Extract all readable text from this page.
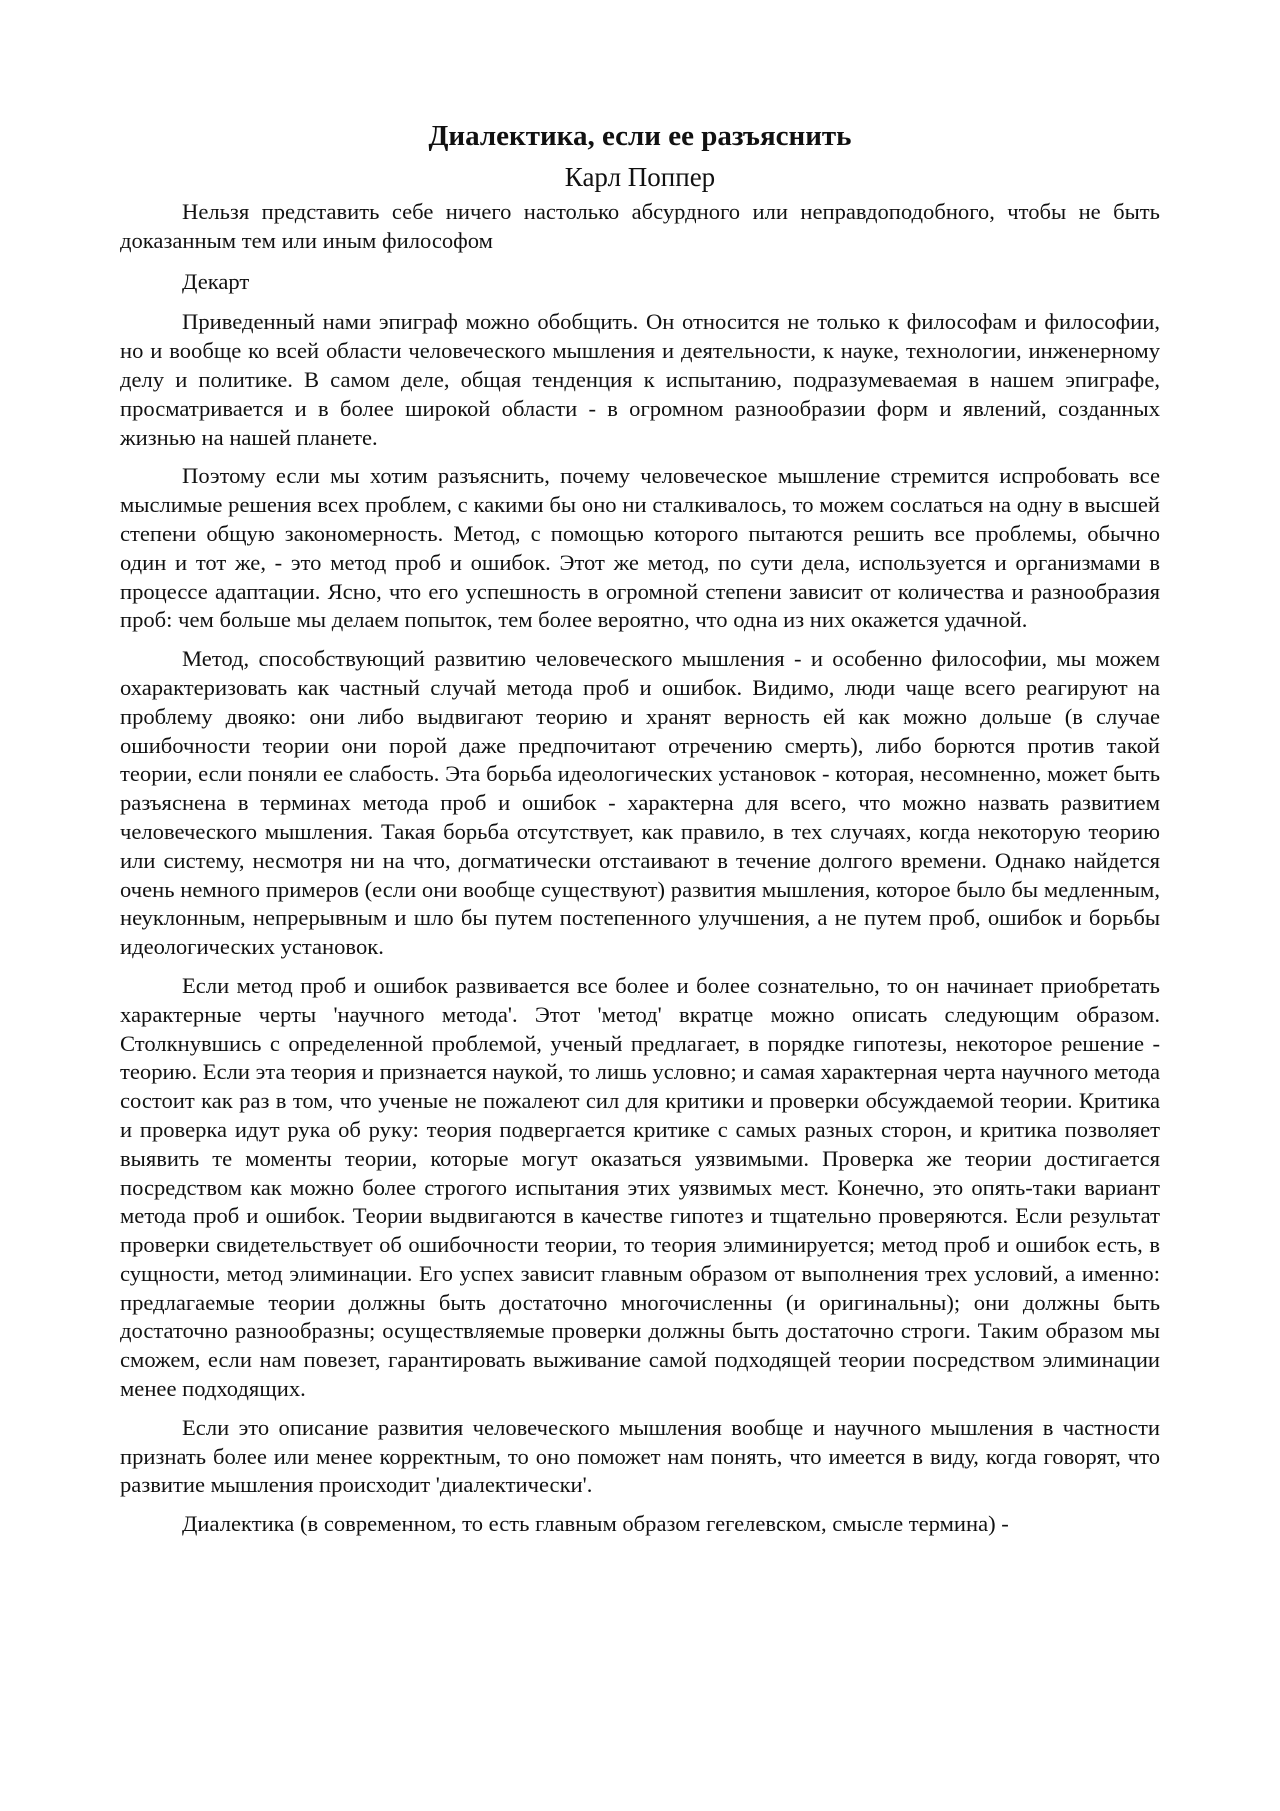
Диалектика, если ее разъяснить
Карл Поппер

Нельзя представить себе ничего настолько абсурдного или неправдоподобного, чтобы не быть доказанным тем или иным философом

Декарт

Приведенный нами эпиграф можно обобщить. Он относится не только к философам и философии, но и вообще ко всей области человеческого мышления и деятельности, к науке, технологии, инженерному делу и политике. В самом деле, общая тенденция к испытанию, подразумеваемая в нашем эпиграфе, просматривается и в более широкой области - в огромном разнообразии форм и явлений, созданных жизнью на нашей планете.

Поэтому если мы хотим разъяснить, почему человеческое мышление стремится испробовать все мыслимые решения всех проблем, с какими бы оно ни сталкивалось, то можем сослаться на одну в высшей степени общую закономерность. Метод, с помощью которого пытаются решить все проблемы, обычно один и тот же, - это метод проб и ошибок. Этот же метод, по сути дела, используется и организмами в процессе адаптации. Ясно, что его успешность в огромной степени зависит от количества и разнообразия проб: чем больше мы делаем попыток, тем более вероятно, что одна из них окажется удачной.

Метод, способствующий развитию человеческого мышления - и особенно философии, мы можем охарактеризовать как частный случай метода проб и ошибок. Видимо, люди чаще всего реагируют на проблему двояко: они либо выдвигают теорию и хранят верность ей как можно дольше (в случае ошибочности теории они порой даже предпочитают отречению смерть), либо борются против такой теории, если поняли ее слабость. Эта борьба идеологических установок - которая, несомненно, может быть разъяснена в терминах метода проб и ошибок - характерна для всего, что можно назвать развитием человеческого мышления. Такая борьба отсутствует, как правило, в тех случаях, когда некоторую теорию или систему, несмотря ни на что, догматически отстаивают в течение долгого времени. Однако найдется очень немного примеров (если они вообще существуют) развития мышления, которое было бы медленным, неуклонным, непрерывным и шло бы путем постепенного улучшения, а не путем проб, ошибок и борьбы идеологических установок.

Если метод проб и ошибок развивается все более и более сознательно, то он начинает приобретать характерные черты 'научного метода'. Этот 'метод' вкратце можно описать следующим образом. Столкнувшись с определенной проблемой, ученый предлагает, в порядке гипотезы, некоторое решение - теорию. Если эта теория и признается наукой, то лишь условно; и самая характерная черта научного метода состоит как раз в том, что ученые не пожалеют сил для критики и проверки обсуждаемой теории. Критика и проверка идут рука об руку: теория подвергается критике с самых разных сторон, и критика позволяет выявить те моменты теории, которые могут оказаться уязвимыми. Проверка же теории достигается посредством как можно более строгого испытания этих уязвимых мест. Конечно, это опять-таки вариант метода проб и ошибок. Теории выдвигаются в качестве гипотез и тщательно проверяются. Если результат проверки свидетельствует об ошибочности теории, то теория элиминируется; метод проб и ошибок есть, в сущности, метод элиминации. Его успех зависит главным образом от выполнения трех условий, а именно: предлагаемые теории должны быть достаточно многочисленны (и оригинальны); они должны быть достаточно разнообразны; осуществляемые проверки должны быть достаточно строги. Таким образом мы сможем, если нам повезет, гарантировать выживание самой подходящей теории посредством элиминации менее подходящих.

Если это описание развития человеческого мышления вообще и научного мышления в частности признать более или менее корректным, то оно поможет нам понять, что имеется в виду, когда говорят, что развитие мышления происходит 'диалектически'.

Диалектика (в современном, то есть главным образом гегелевском, смысле термина) -
